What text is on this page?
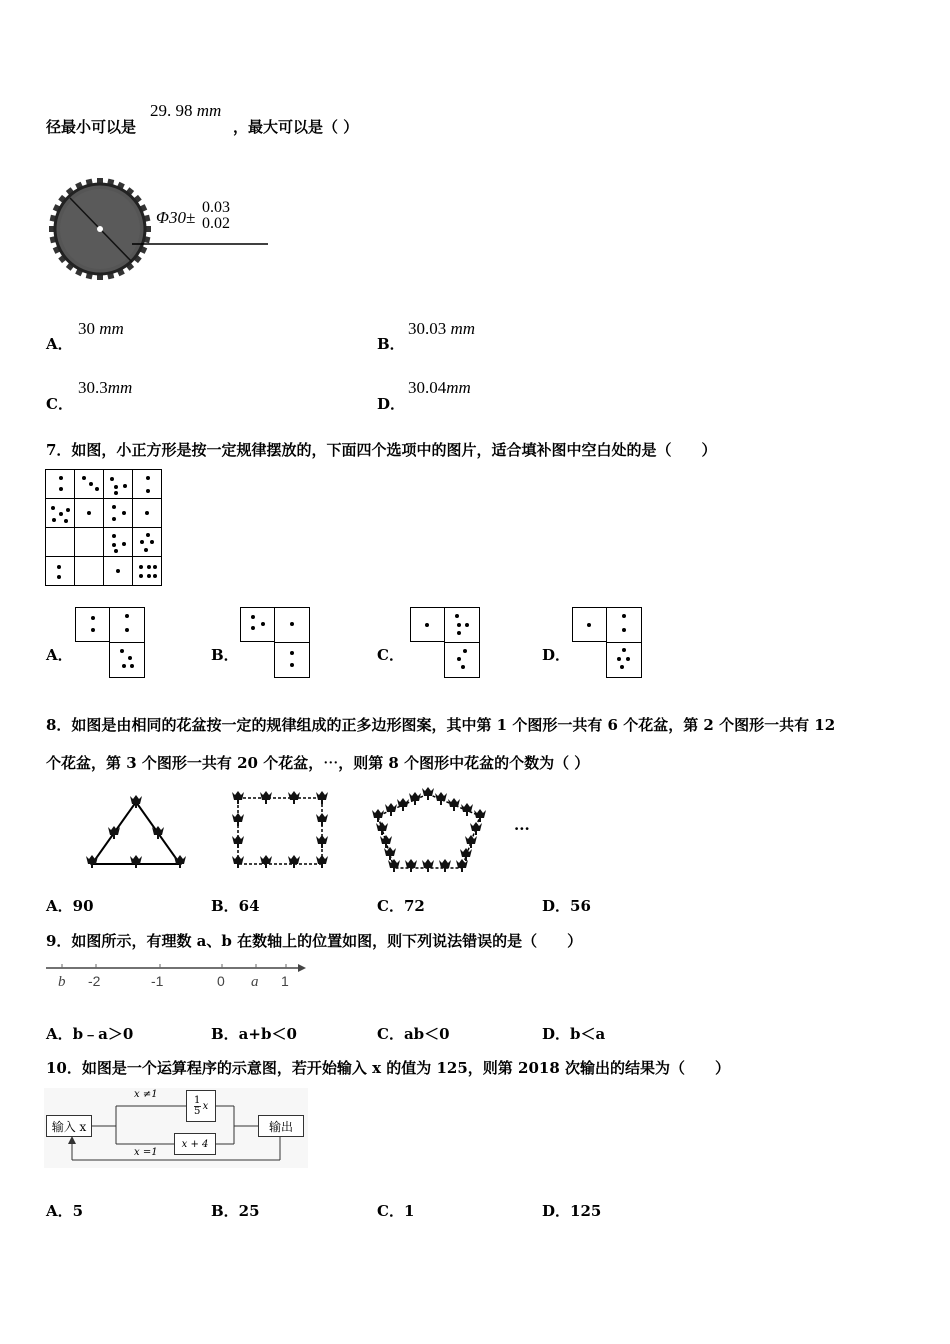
径最小可以是
29. 98 mm
，最大可以是（ ）
Φ30±
0.03
0.02
A．
30 mm
B．
30.03 mm
C．
30.3mm
D．
30.04mm
7．如图，小正方形是按一定规律摆放的，下面四个选项中的图片，适合填补图中空白处的是（　　）

A．	B．	C．	D．
8．如图是由相同的花盆按一定的规律组成的正多边形图案，其中第 1 个图形一共有 6 个花盆，第 2 个图形一共有 12
个花盆，第 3 个图形一共有 20 个花盆，⋯，则第 8 个图形中花盆的个数为（ ）
...
A．90	B．64	C．72	D．56
9．如图所示，有理数 a、b 在数轴上的位置如图，则下列说法错误的是（　　）
b -2	-1	0 a 1
A．b﹣a＞0	B．a+b＜0	C．ab＜0	D．b＜a
10．如图是一个运算程序的示意图，若开始输入 x 的值为 125，则第 2018 次输出的结果为（　　）
输入 x
x ≠1	1
5 x
x + 4
x =1
输出
A．5	B．25	C．1	D．125
